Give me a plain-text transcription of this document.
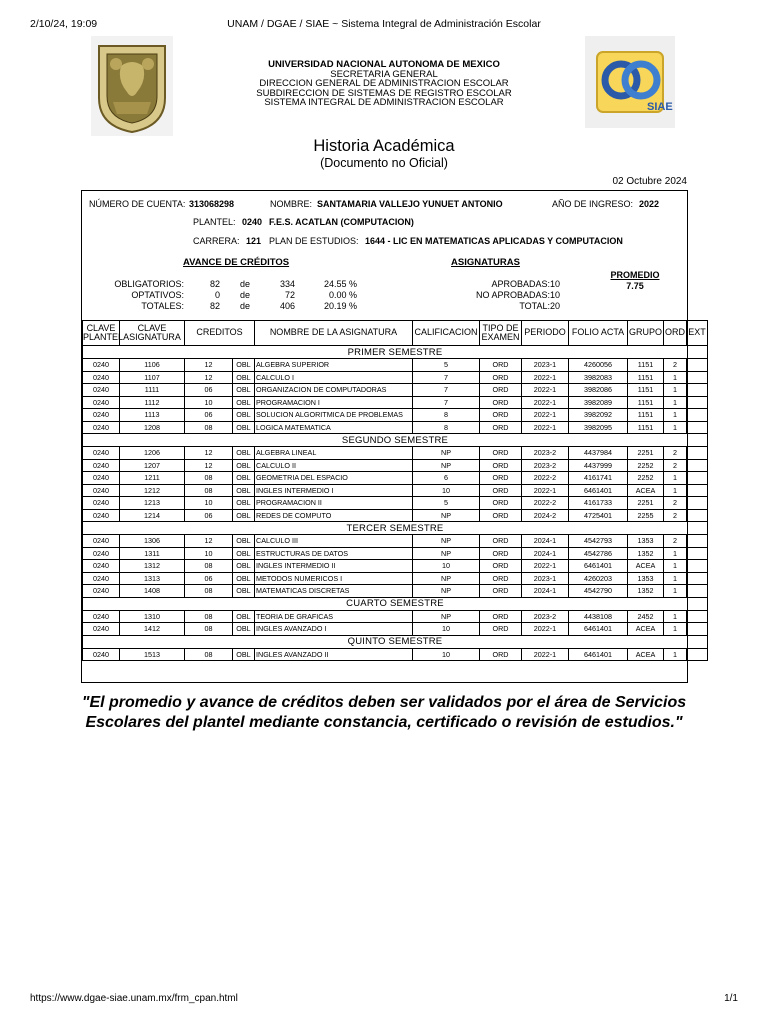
2/10/24, 19:09	UNAM / DGAE / SIAE ~ Sistema Integral de Administración Escolar
SIAE
UNIVERSIDAD NACIONAL AUTONOMA DE MEXICO
SECRETARIA GENERAL
DIRECCION GENERAL DE ADMINISTRACION ESCOLAR
SUBDIRECCION DE SISTEMAS DE REGISTRO ESCOLAR
SISTEMA INTEGRAL DE ADMINISTRACION ESCOLAR
Historia Académica
(Documento no Oficial)
02 Octubre 2024
NÚMERO DE CUENTA: 313068298	NOMBRE: SANTAMARIA VALLEJO YUNUET ANTONIO	AÑO DE INGRESO: 2022
PLANTEL: 0240 F.E.S. ACATLAN (COMPUTACION)
CARRERA: 121 PLAN DE ESTUDIOS: 1644 - LIC EN MATEMATICAS APLICADAS Y COMPUTACION
AVANCE DE CRÉDITOS
OBLIGATORIOS:	82 de	334	24.55 %
OPTATIVOS:	0 de	72	0.00 %
TOTALES:	82 de	406	20.19 %
ASIGNATURAS
APROBADAS: 10
NO APROBADAS: 10
TOTAL: 20
PROMEDIO
7.75
CLAVE
PLANTEL	CLAVE
ASIGNATURA	CREDITOS		NOMBRE DE LA ASIGNATURA	CALIFICACION	TIPO DE
EXAMEN	PERIODO	FOLIO ACTA	GRUPO	ORD	EXT
PRIMER SEMESTRE											
0240	1106	12	OBL	ALGEBRA SUPERIOR	5	ORD	2023-1	4260056	1151	2	
0240	1107	12	OBL	CALCULO I	7	ORD	2022-1	3982083	1151	1	
0240	1111	06	OBL	ORGANIZACION DE COMPUTADORAS	7	ORD	2022-1	3982086	1151	1	
0240	1112	10	OBL	PROGRAMACION I	7	ORD	2022-1	3982089	1151	1	
0240	1113	06	OBL	SOLUCION ALGORITMICA DE PROBLEMAS	8	ORD	2022-1	3982092	1151	1	
0240	1208	08	OBL	LOGICA MATEMATICA	8	ORD	2022-1	3982095	1151	1	
SEGUNDO SEMESTRE											
0240	1206	12	OBL	ALGEBRA LINEAL	NP	ORD	2023-2	4437984	2251	2	
0240	1207	12	OBL	CALCULO II	NP	ORD	2023-2	4437999	2252	2	
0240	1211	08	OBL	GEOMETRIA DEL ESPACIO	6	ORD	2022-2	4161741	2252	1	
0240	1212	08	OBL	INGLES INTERMEDIO I	10	ORD	2022-1	6461401	ACEA	1	
0240	1213	10	OBL	PROGRAMACION II	5	ORD	2022-2	4161733	2251	2	
0240	1214	06	OBL	REDES DE COMPUTO	NP	ORD	2024-2	4725401	2255	2	
TERCER SEMESTRE											
0240	1306	12	OBL	CALCULO III	NP	ORD	2024-1	4542793	1353	2	
0240	1311	10	OBL	ESTRUCTURAS DE DATOS	NP	ORD	2024-1	4542786	1352	1	
0240	1312	08	OBL	INGLES INTERMEDIO II	10	ORD	2022-1	6461401	ACEA	1	
0240	1313	06	OBL	METODOS NUMERICOS I	NP	ORD	2023-1	4260203	1353	1	
0240	1408	08	OBL	MATEMATICAS DISCRETAS	NP	ORD	2024-1	4542790	1352	1	
CUARTO SEMESTRE											
0240	1310	08	OBL	TEORIA DE GRAFICAS	NP	ORD	2023-2	4438108	2452	1	
0240	1412	08	OBL	INGLES AVANZADO I	10	ORD	2022-1	6461401	ACEA	1	
QUINTO SEMESTRE											
0240	1513	08	OBL	INGLES AVANZADO II	10	ORD	2022-1	6461401	ACEA	1	
"El promedio y avance de créditos deben ser validados por el área de Servicios Escolares del plantel mediante constancia, certificado o revisión de estudios."
https://www.dgae-siae.unam.mx/frm_cpan.html	1/1
